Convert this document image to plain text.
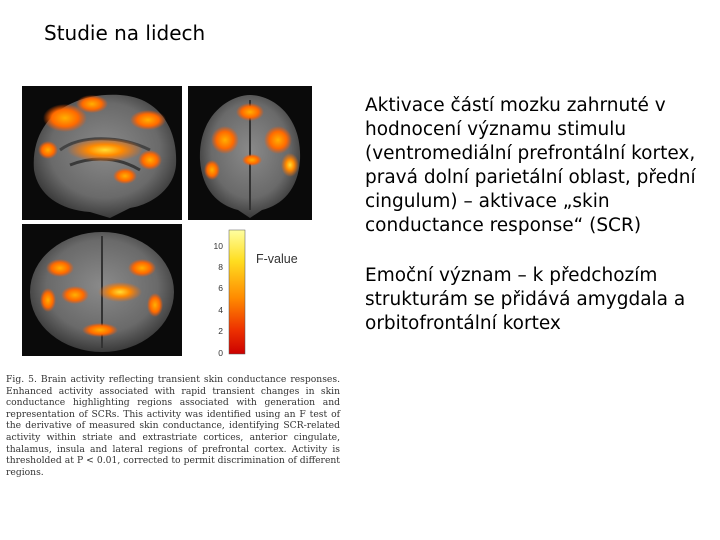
Studie na lidech
10
8
6
4
2
0
F-value
Fig. 5. Brain activity reflecting transient skin conductance responses. Enhanced activity associated with rapid transient changes in skin conductance highlighting regions associated with generation and representation of SCRs. This activity was identified using an F test of the derivative of measured skin conductance, identifying SCR-related activity within striate and extrastriate cortices, anterior cingulate, thalamus, insula and lateral regions of prefrontal cortex. Activity is thresholded at P < 0.01, corrected to permit discrimination of different regions.

Aktivace částí mozku zahrnuté v hodnocení významu stimulu (ventromediální prefrontální kortex, pravá dolní parietální oblast, přední cingulum) – aktivace „skin conductance response“ (SCR)

Emoční význam – k předchozím strukturám se přidává amygdala a orbitofrontální kortex
